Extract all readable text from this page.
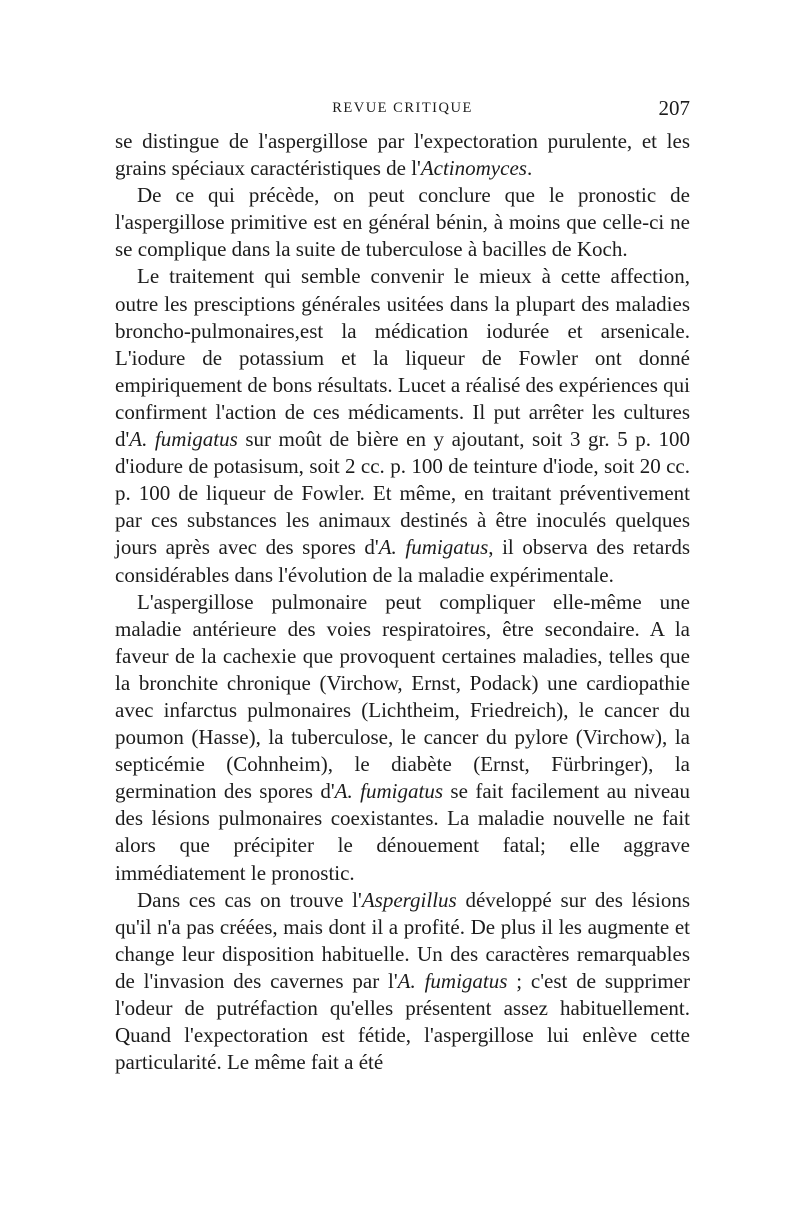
REVUE CRITIQUE	207

se distingue de l'aspergillose par l'expectoration purulente, et les grains spéciaux caractéristiques de l'Actinomyces.

De ce qui précède, on peut conclure que le pronostic de l'aspergillose primitive est en général bénin, à moins que celle-ci ne se complique dans la suite de tuberculose à bacilles de Koch.

Le traitement qui semble convenir le mieux à cette affection, outre les presciptions générales usitées dans la plupart des maladies broncho-pulmonaires,est la médication iodurée et arsenicale. L'iodure de potassium et la liqueur de Fowler ont donné empiriquement de bons résultats. Lucet a réalisé des expériences qui confirment l'action de ces médicaments. Il put arrêter les cultures d'A. fumigatus sur moût de bière en y ajoutant, soit 3 gr. 5 p. 100 d'iodure de potasisum, soit 2 cc. p. 100 de teinture d'iode, soit 20 cc. p. 100 de liqueur de Fowler. Et même, en traitant préventivement par ces substances les animaux destinés à être inoculés quelques jours après avec des spores d'A. fumigatus, il observa des retards considérables dans l'évolution de la maladie expérimentale.

L'aspergillose pulmonaire peut compliquer elle-même une maladie antérieure des voies respiratoires, être secondaire. A la faveur de la cachexie que provoquent certaines maladies, telles que la bronchite chronique (Virchow, Ernst, Podack) une cardiopathie avec infarctus pulmonaires (Lichtheim, Friedreich), le cancer du poumon (Hasse), la tuberculose, le cancer du pylore (Virchow), la septicémie (Cohnheim), le diabète (Ernst, Fürbringer), la germination des spores d'A. fumigatus se fait facilement au niveau des lésions pulmonaires coexistantes. La maladie nouvelle ne fait alors que précipiter le dénouement fatal; elle aggrave immédiatement le pronostic.

Dans ces cas on trouve l'Aspergillus développé sur des lésions qu'il n'a pas créées, mais dont il a profité. De plus il les augmente et change leur disposition habituelle. Un des caractères remarquables de l'invasion des cavernes par l'A. fumigatus ; c'est de supprimer l'odeur de putréfaction qu'elles présentent assez habituellement. Quand l'expectoration est fétide, l'aspergillose lui enlève cette particularité. Le même fait a été
